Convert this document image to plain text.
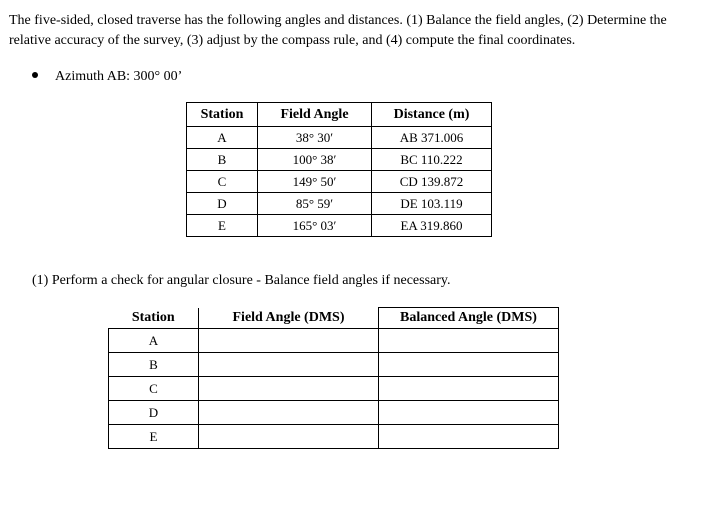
The five-sided, closed traverse has the following angles and distances. (1) Balance the field angles, (2) Determine the relative accuracy of the survey, (3) adjust by the compass rule, and (4) compute the final coordinates.

Azimuth AB: 300° 00’
Station	Field Angle	Distance (m)
A	38° 30′	AB 371.006
B	100° 38′	BC 110.222
C	149° 50′	CD 139.872
D	85° 59′	DE 103.119
E	165° 03′	EA 319.860
(1) Perform a check for angular closure - Balance field angles if necessary.
Station	Field Angle (DMS)	Balanced Angle (DMS)
A		
B		
C		
D		
E		
